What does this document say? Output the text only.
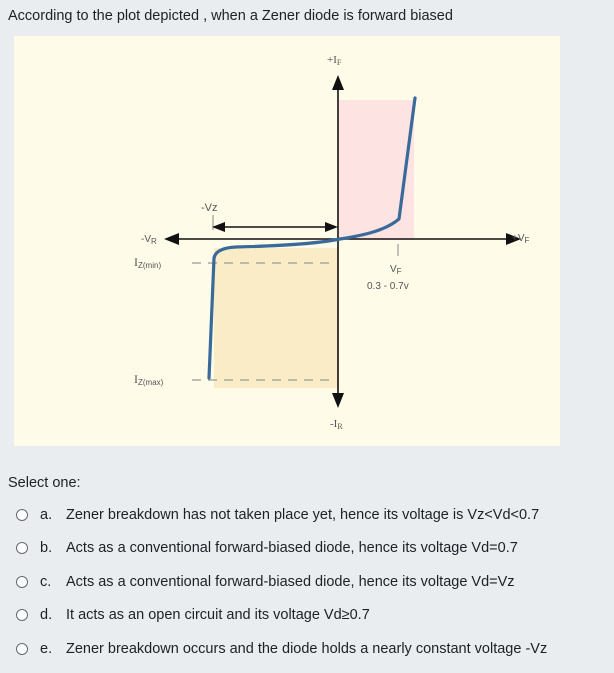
According to the plot depicted , when a Zener diode is forward biased
+IF
-IR
$-V_R$	$+V_F$
-Vz
IZ(min)
IZ(max)
$V_F$
0.3 - 0.7v
Select one:
a. Zener breakdown has not taken place yet, hence its voltage is Vz<Vd<0.7
b. Acts as a conventional forward-biased diode, hence its voltage Vd=0.7
c.	Acts as a conventional forward-biased diode, hence its voltage Vd=Vz
d. It acts as an open circuit and its voltage Vd≥0.7
e. Zener breakdown occurs and the diode holds a nearly constant voltage -Vz
